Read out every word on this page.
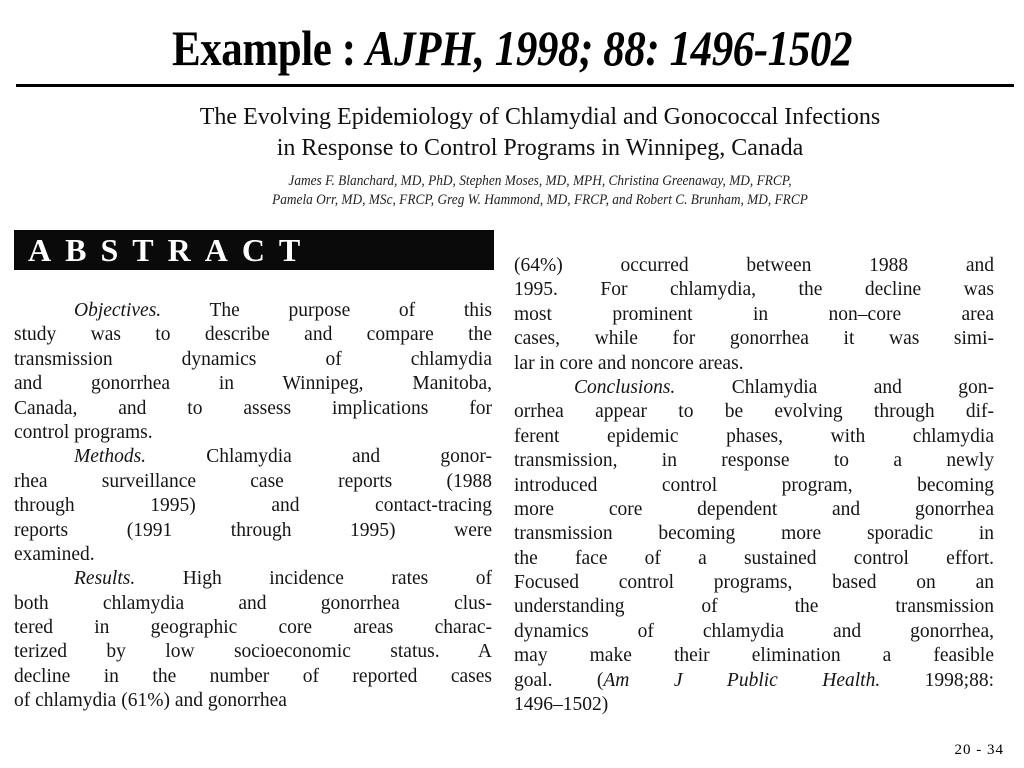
Example : AJPH, 1998; 88: 1496-1502
The Evolving Epidemiology of Chlamydial and Gonococcal Infections
in Response to Control Programs in Winnipeg, Canada
James F. Blanchard, MD, PhD, Stephen Moses, MD, MPH, Christina Greenaway, MD, FRCP,
Pamela Orr, MD, MSc, FRCP, Greg W. Hammond, MD, FRCP, and Robert C. Brunham, MD, FRCP
ABSTRACT
Objectives. The purpose of this
study was to describe and compare the
transmission dynamics of chlamydia
and gonorrhea in Winnipeg, Manitoba,
Canada, and to assess implications for
control programs.
Methods. Chlamydia and gonor-
rhea surveillance case reports (1988
through 1995) and contact-tracing
reports (1991 through 1995) were
examined.
Results. High incidence rates of
both chlamydia and gonorrhea clus-
tered in geographic core areas charac-
terized by low socioeconomic status. A
decline in the number of reported cases
of chlamydia (61%) and gonorrhea
(64%) occurred between 1988 and
1995. For chlamydia, the decline was
most prominent in non–core area
cases, while for gonorrhea it was simi-
lar in core and noncore areas.
Conclusions. Chlamydia and gon-
orrhea appear to be evolving through dif-
ferent epidemic phases, with chlamydia
transmission, in response to a newly
introduced control program, becoming
more core dependent and gonorrhea
transmission becoming more sporadic in
the face of a sustained control effort.
Focused control programs, based on an
understanding of the transmission
dynamics of chlamydia and gonorrhea,
may make their elimination a feasible
goal. (Am J Public Health. 1998;88:
1496–1502)
20 - 34
